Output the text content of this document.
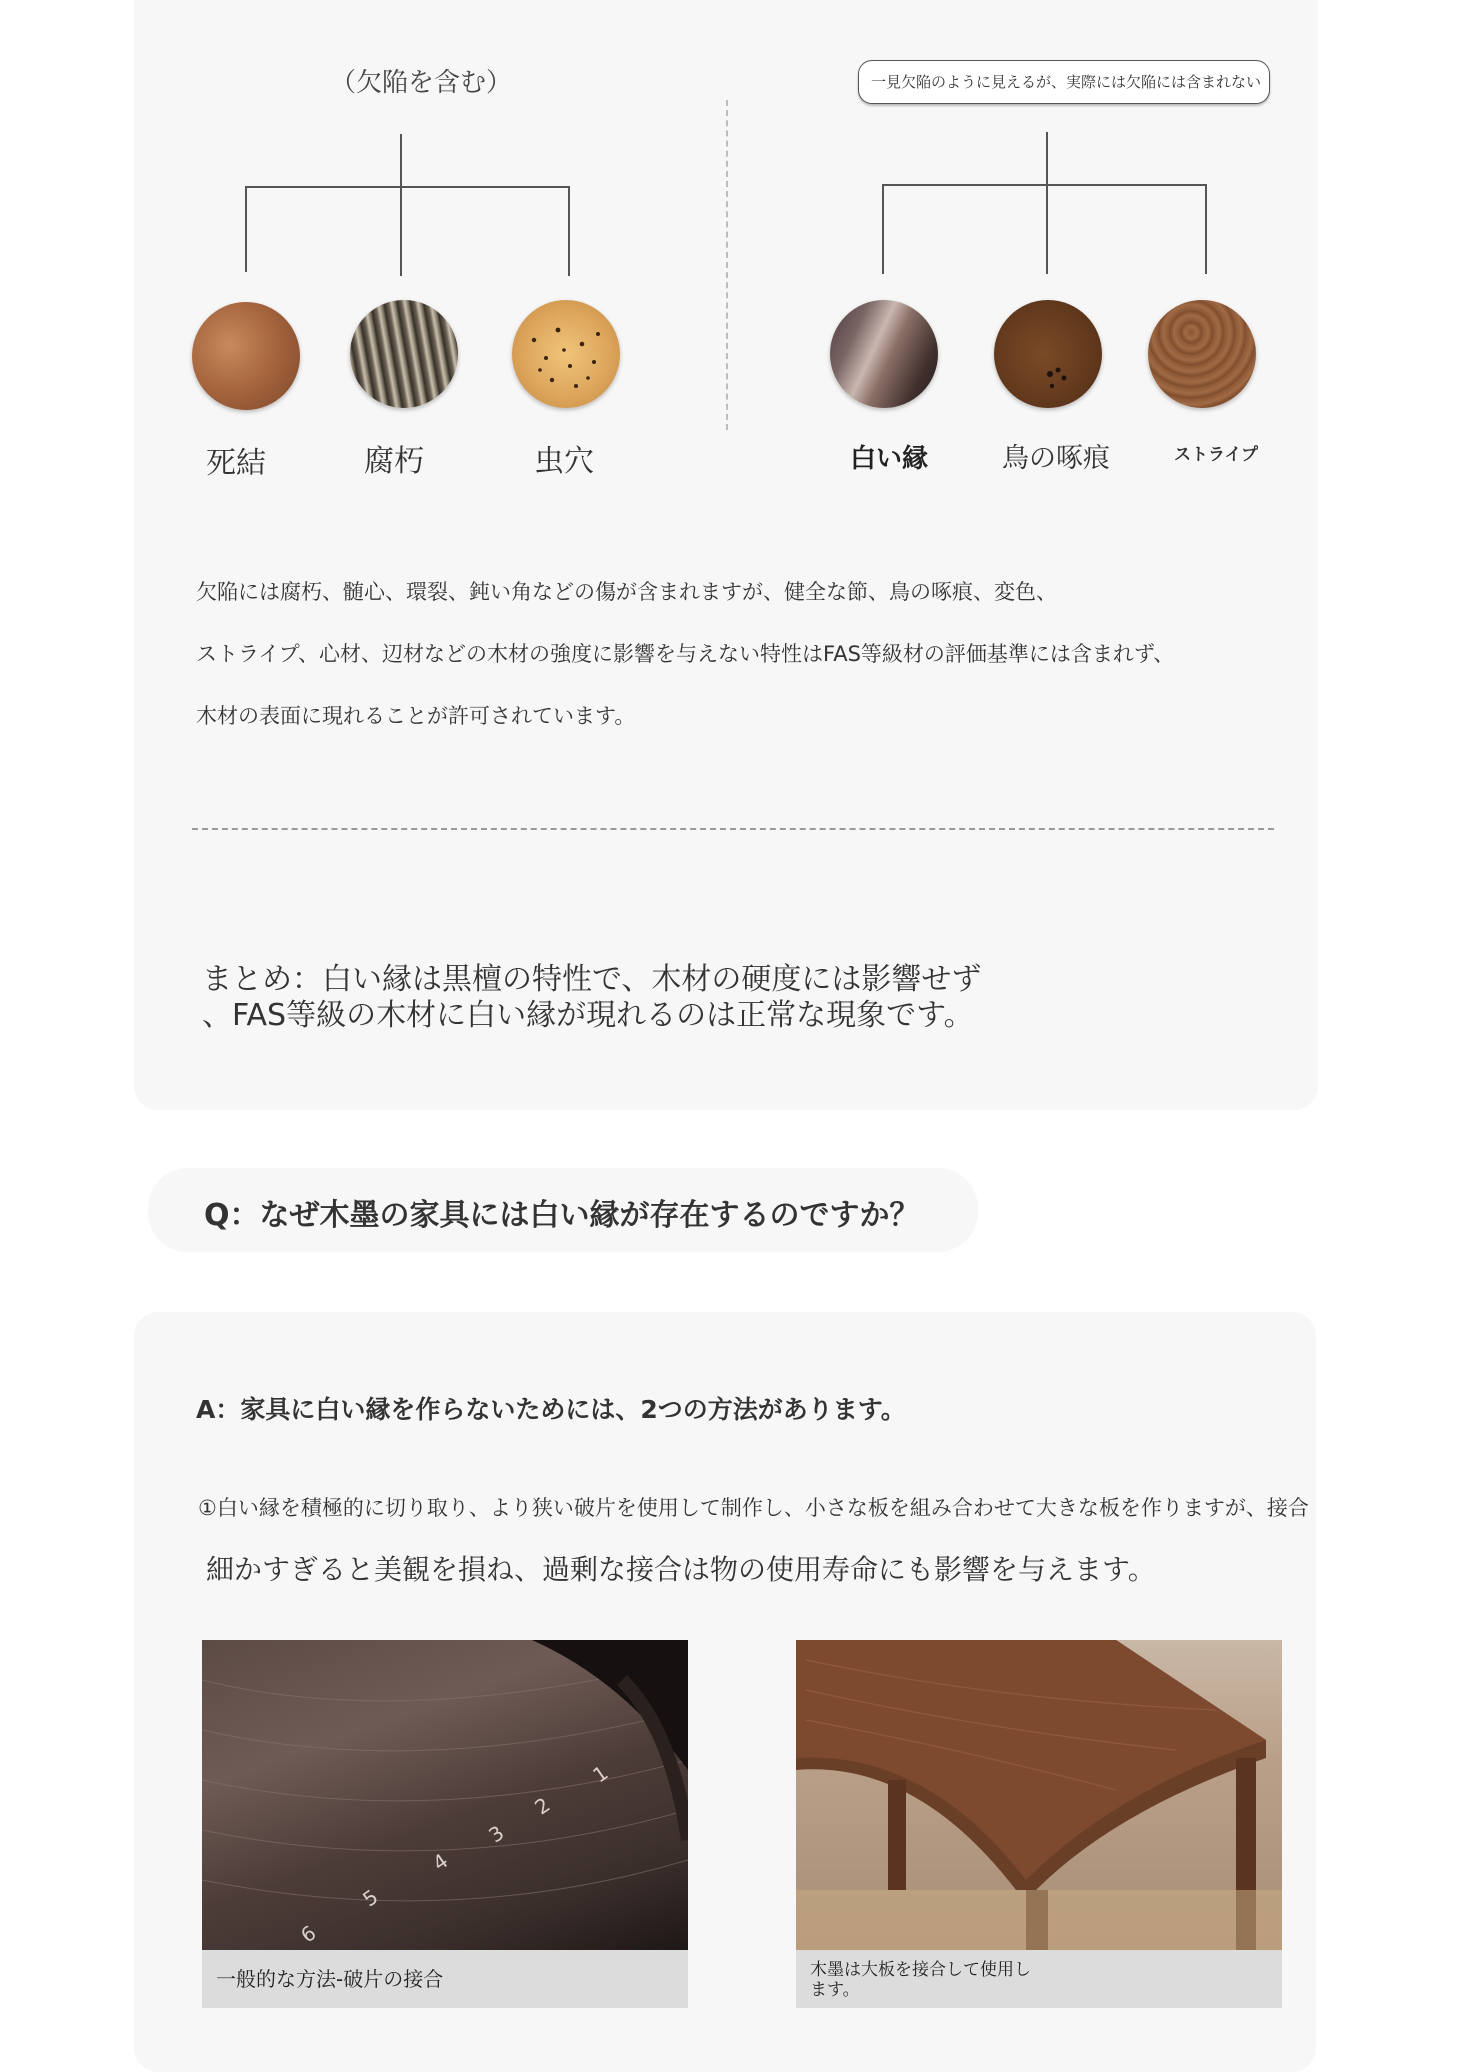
（欠陥を含む）
死結	腐朽	虫穴
一見欠陥のように見えるが、実際には欠陥には含まれない
白い縁	鳥の啄痕	ストライプ
欠陥には腐朽、髄心、環裂、鈍い角などの傷が含まれますが、健全な節、鳥の啄痕、変色、
ストライプ、心材、辺材などの木材の強度に影響を与えない特性はFAS等級材の評価基準には含まれず、
木材の表面に現れることが許可されています。
まとめ：白い縁は黒檀の特性で、木材の硬度には影響せず
、FAS等級の木材に白い縁が現れるのは正常な現象です。
Q：なぜ木墨の家具には白い縁が存在するのですか？
A：家具に白い縁を作らないためには、2つの方法があります。
①白い縁を積極的に切り取り、より狭い破片を使用して制作し、小さな板を組み合わせて大きな板を作りますが、接合
細かすぎると美観を損ね、過剰な接合は物の使用寿命にも影響を与えます。
1
2
3
4
5
6
一般的な方法-破片の接合	木墨は大板を接合して使用し
ます。
